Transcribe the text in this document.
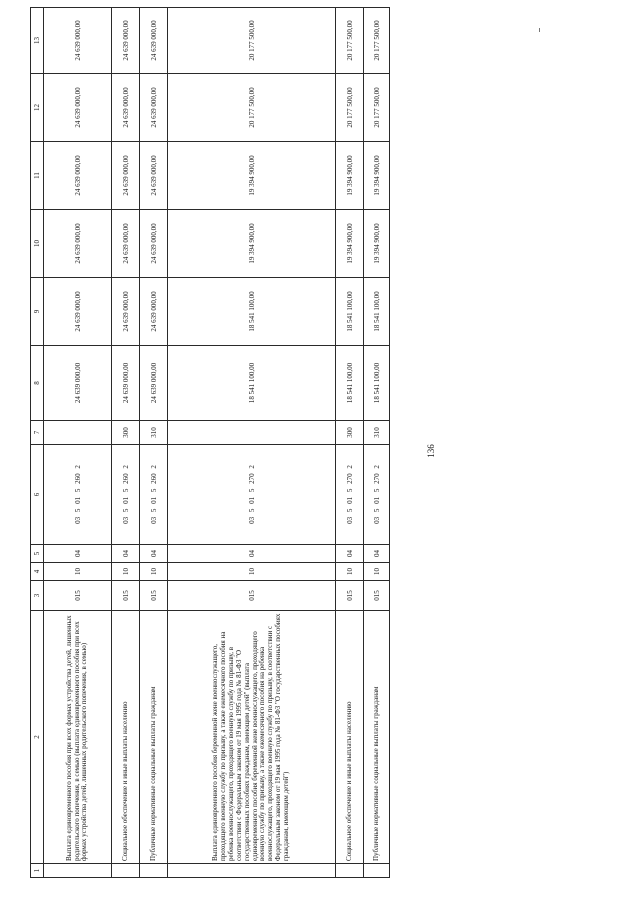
136
1	2	3	4	5	6	7	8	9	10	11	12	13
	Выплата единовременного пособия при всех формах устройства детей, лишенных родительского попечения, в семью (выплата единовременного пособия при всех формах устройства детей, лишенных родительского попечения, в семью)	015	10	04	03 5 01 5 260 2		24 639 000,00	24 639 000,00	24 639 000,00	24 639 000,00	24 639 000,00	24 639 000,00
	Социальное обеспечение и иные выплаты населению	015	10	04	03 5 01 5 260 2	300	24 639 000,00	24 639 000,00	24 639 000,00	24 639 000,00	24 639 000,00	24 639 000,00
	Публичные нормативные социальные выплаты гражданам	015	10	04	03 5 01 5 260 2	310	24 639 000,00	24 639 000,00	24 639 000,00	24 639 000,00	24 639 000,00	24 639 000,00
	Выплата единовременного пособия беременной жене военнослужащего, проходящего военную службу по призыву, а также ежемесячного пособия на ребенка военнослужащего, проходящего военную службу по призыву, в соответствии с Федеральным законом от 19 мая 1995 года № 81-ФЗ "О государственных пособиях гражданам, имеющим детей" (выплата единовременного пособия беременной жене военнослужащего, проходящего военную службу по призыву, а также ежемесячного пособия на ребенка военнослужащего, проходящего военную службу по призыву, в соответствии с Федеральным законом от 19 мая 1995 года № 81-ФЗ "О государственных пособиях гражданам, имеющим детей")	015	10	04	03 5 01 5 270 2		18 541 100,00	18 541 100,00	19 394 900,00	19 394 900,00	20 177 500,00	20 177 500,00
	Социальное обеспечение и иные выплаты населению	015	10	04	03 5 01 5 270 2	300	18 541 100,00	18 541 100,00	19 394 900,00	19 394 900,00	20 177 500,00	20 177 500,00
	Публичные нормативные социальные выплаты гражданам	015	10	04	03 5 01 5 270 2	310	18 541 100,00	18 541 100,00	19 394 900,00	19 394 900,00	20 177 500,00	20 177 500,00
